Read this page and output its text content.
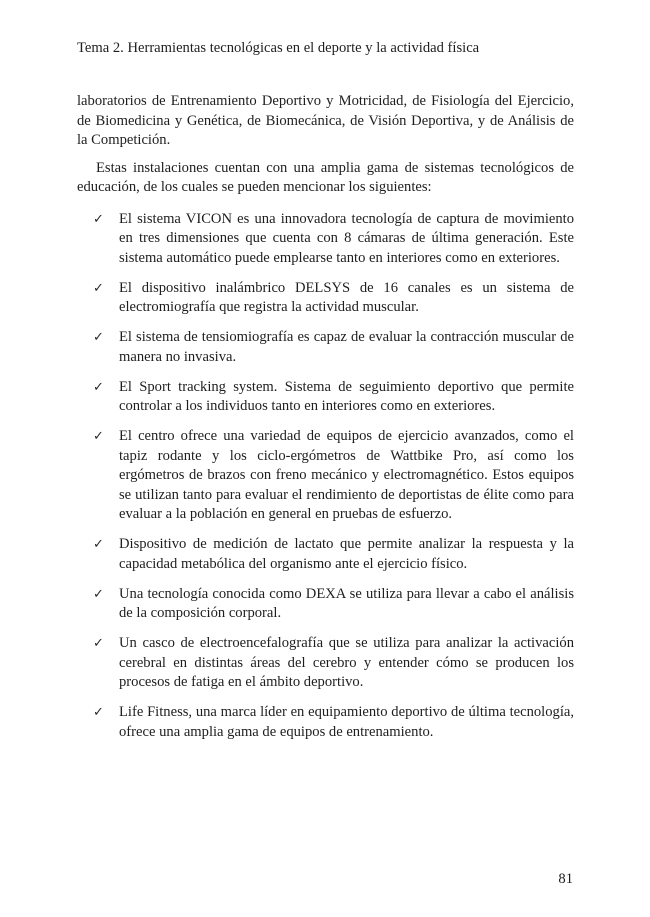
Tema 2. Herramientas tecnológicas en el deporte y la actividad física

laboratorios de Entrenamiento Deportivo y Motricidad, de Fisiología del Ejercicio, de Biomedicina y Genética, de Biomecánica, de Visión Deportiva, y de Análisis de la Competición.

Estas instalaciones cuentan con una amplia gama de sistemas tecnológicos de educación, de los cuales se pueden mencionar los siguientes:

✓ El sistema VICON es una innovadora tecnología de captura de movimiento en tres dimensiones que cuenta con 8 cámaras de última generación. Este sistema automático puede emplearse tanto en interiores como en exteriores.
✓ El dispositivo inalámbrico DELSYS de 16 canales es un sistema de electromiografía que registra la actividad muscular.
✓ El sistema de tensiomiografía es capaz de evaluar la contracción muscular de manera no invasiva.
✓ El Sport tracking system. Sistema de seguimiento deportivo que permite controlar a los individuos tanto en interiores como en exteriores.
✓ El centro ofrece una variedad de equipos de ejercicio avanzados, como el tapiz rodante y los ciclo-ergómetros de Wattbike Pro, así como los ergómetros de brazos con freno mecánico y electromagnético. Estos equipos se utilizan tanto para evaluar el rendimiento de deportistas de élite como para evaluar a la población en general en pruebas de esfuerzo.
✓ Dispositivo de medición de lactato que permite analizar la respuesta y la capacidad metabólica del organismo ante el ejercicio físico.
✓ Una tecnología conocida como DEXA se utiliza para llevar a cabo el análisis de la composición corporal.
✓ Un casco de electroencefalografía que se utiliza para analizar la activación cerebral en distintas áreas del cerebro y entender cómo se producen los procesos de fatiga en el ámbito deportivo.
✓ Life Fitness, una marca líder en equipamiento deportivo de última tecnología, ofrece una amplia gama de equipos de entrenamiento.
81
